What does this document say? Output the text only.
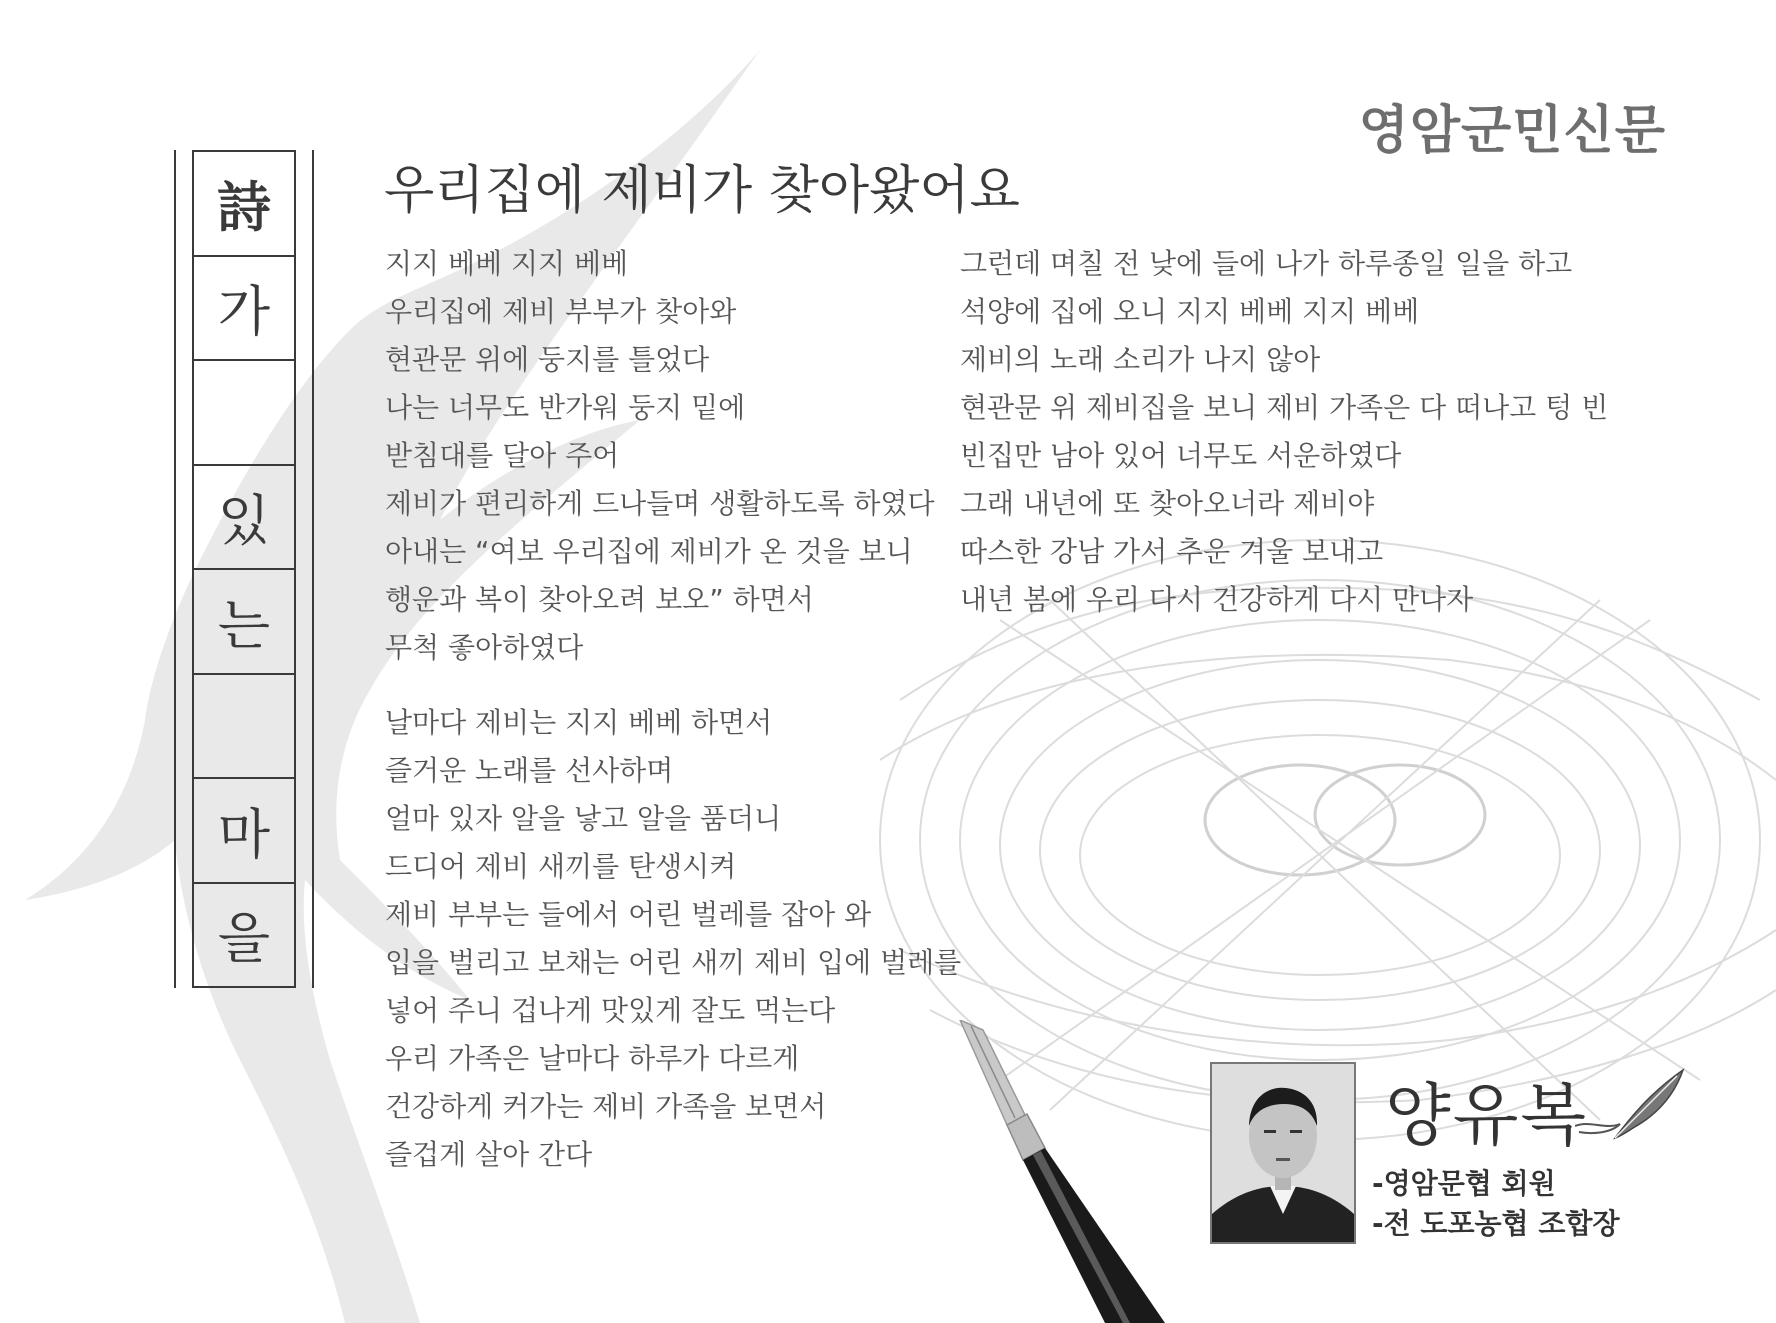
영암군민신문
詩
가
있
는
마
을
우리집에 제비가 찾아왔어요
지지 베베 지지 베베
우리집에 제비 부부가 찾아와
현관문 위에 둥지를 틀었다
나는 너무도 반가워 둥지 밑에
받침대를 달아 주어
제비가 편리하게 드나들며 생활하도록 하였다
아내는 “여보 우리집에 제비가 온 것을 보니
행운과 복이 찾아오려 보오” 하면서
무척 좋아하였다
날마다 제비는 지지 베베 하면서
즐거운 노래를 선사하며
얼마 있자 알을 낳고 알을 품더니
드디어 제비 새끼를 탄생시켜
제비 부부는 들에서 어린 벌레를 잡아 와
입을 벌리고 보채는 어린 새끼 제비 입에 벌레를
넣어 주니 겁나게 맛있게 잘도 먹는다
우리 가족은 날마다 하루가 다르게
건강하게 커가는 제비 가족을 보면서
즐겁게 살아 간다
그런데 며칠 전 낮에 들에 나가 하루종일 일을 하고
석양에 집에 오니 지지 베베 지지 베베
제비의 노래 소리가 나지 않아
현관문 위 제비집을 보니 제비 가족은 다 떠나고 텅 빈
빈집만 남아 있어 너무도 서운하였다
그래 내년에 또 찾아오너라 제비야
따스한 강남 가서 추운 겨울 보내고
내년 봄에 우리 다시 건강하게 다시 만나자
양유복
-영암문협 회원
-전 도포농협 조합장
